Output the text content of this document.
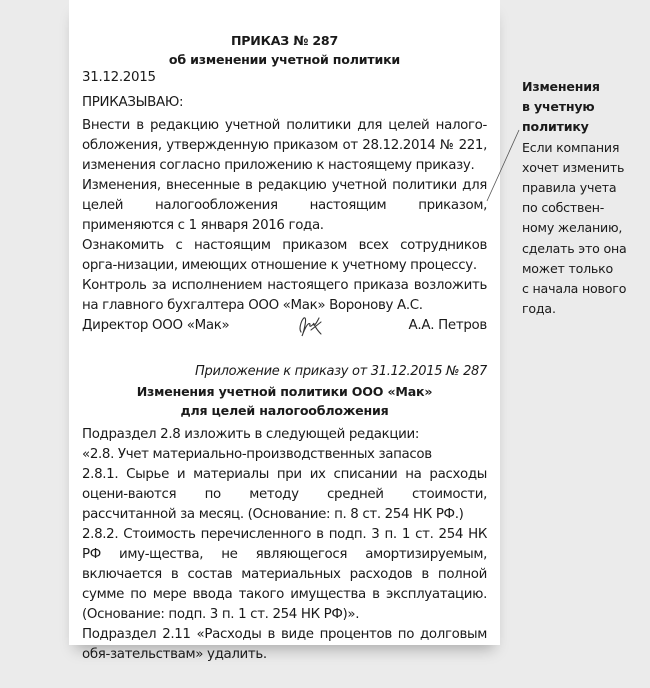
ПРИКАЗ № 287
об изменении учетной политики
31.12.2015
ПРИКАЗЫВАЮ:

Внести в редакцию учетной политики для целей налого-обложения, утвержденную приказом от 28.12.2014 № 221, изменения согласно приложению к настоящему приказу.

Изменения, внесенные в редакцию учетной политики для целей налогообложения настоящим приказом, применяются с 1 января 2016 года.

Ознакомить с настоящим приказом всех сотрудников орга-низации, имеющих отношение к учетному процессу.

Контроль за исполнением настоящего приказа возложить на главного бухгалтера ООО «Мак» Воронову А.С.

Директор ООО «Мак»	А.А. Петров
Приложение к приказу от 31.12.2015 № 287
Изменения учетной политики ООО «Мак»
для целей налогообложения

Подраздел 2.8 изложить в следующей редакции:

«2.8. Учет материально-производственных запасов

2.8.1. Сырье и материалы при их списании на расходы оцени-ваются по методу средней стоимости, рассчитанной за месяц. (Основание: п. 8 ст. 254 НК РФ.)

2.8.2. Стоимость перечисленного в подп. 3 п. 1 ст. 254 НК РФ иму-щества, не являющегося амортизируемым, включается в состав материальных расходов в полной сумме по мере ввода такого имущества в эксплуатацию. (Основание: подп. 3 п. 1 ст. 254 НК РФ)».

Подраздел 2.11 «Расходы в виде процентов по долговым обя-зательствам» удалить.

Изменения
в учетную
политику
Если компания
хочет изменить
правила учета
по собствен-
ному желанию,
сделать это она
может только
с начала нового
года.
